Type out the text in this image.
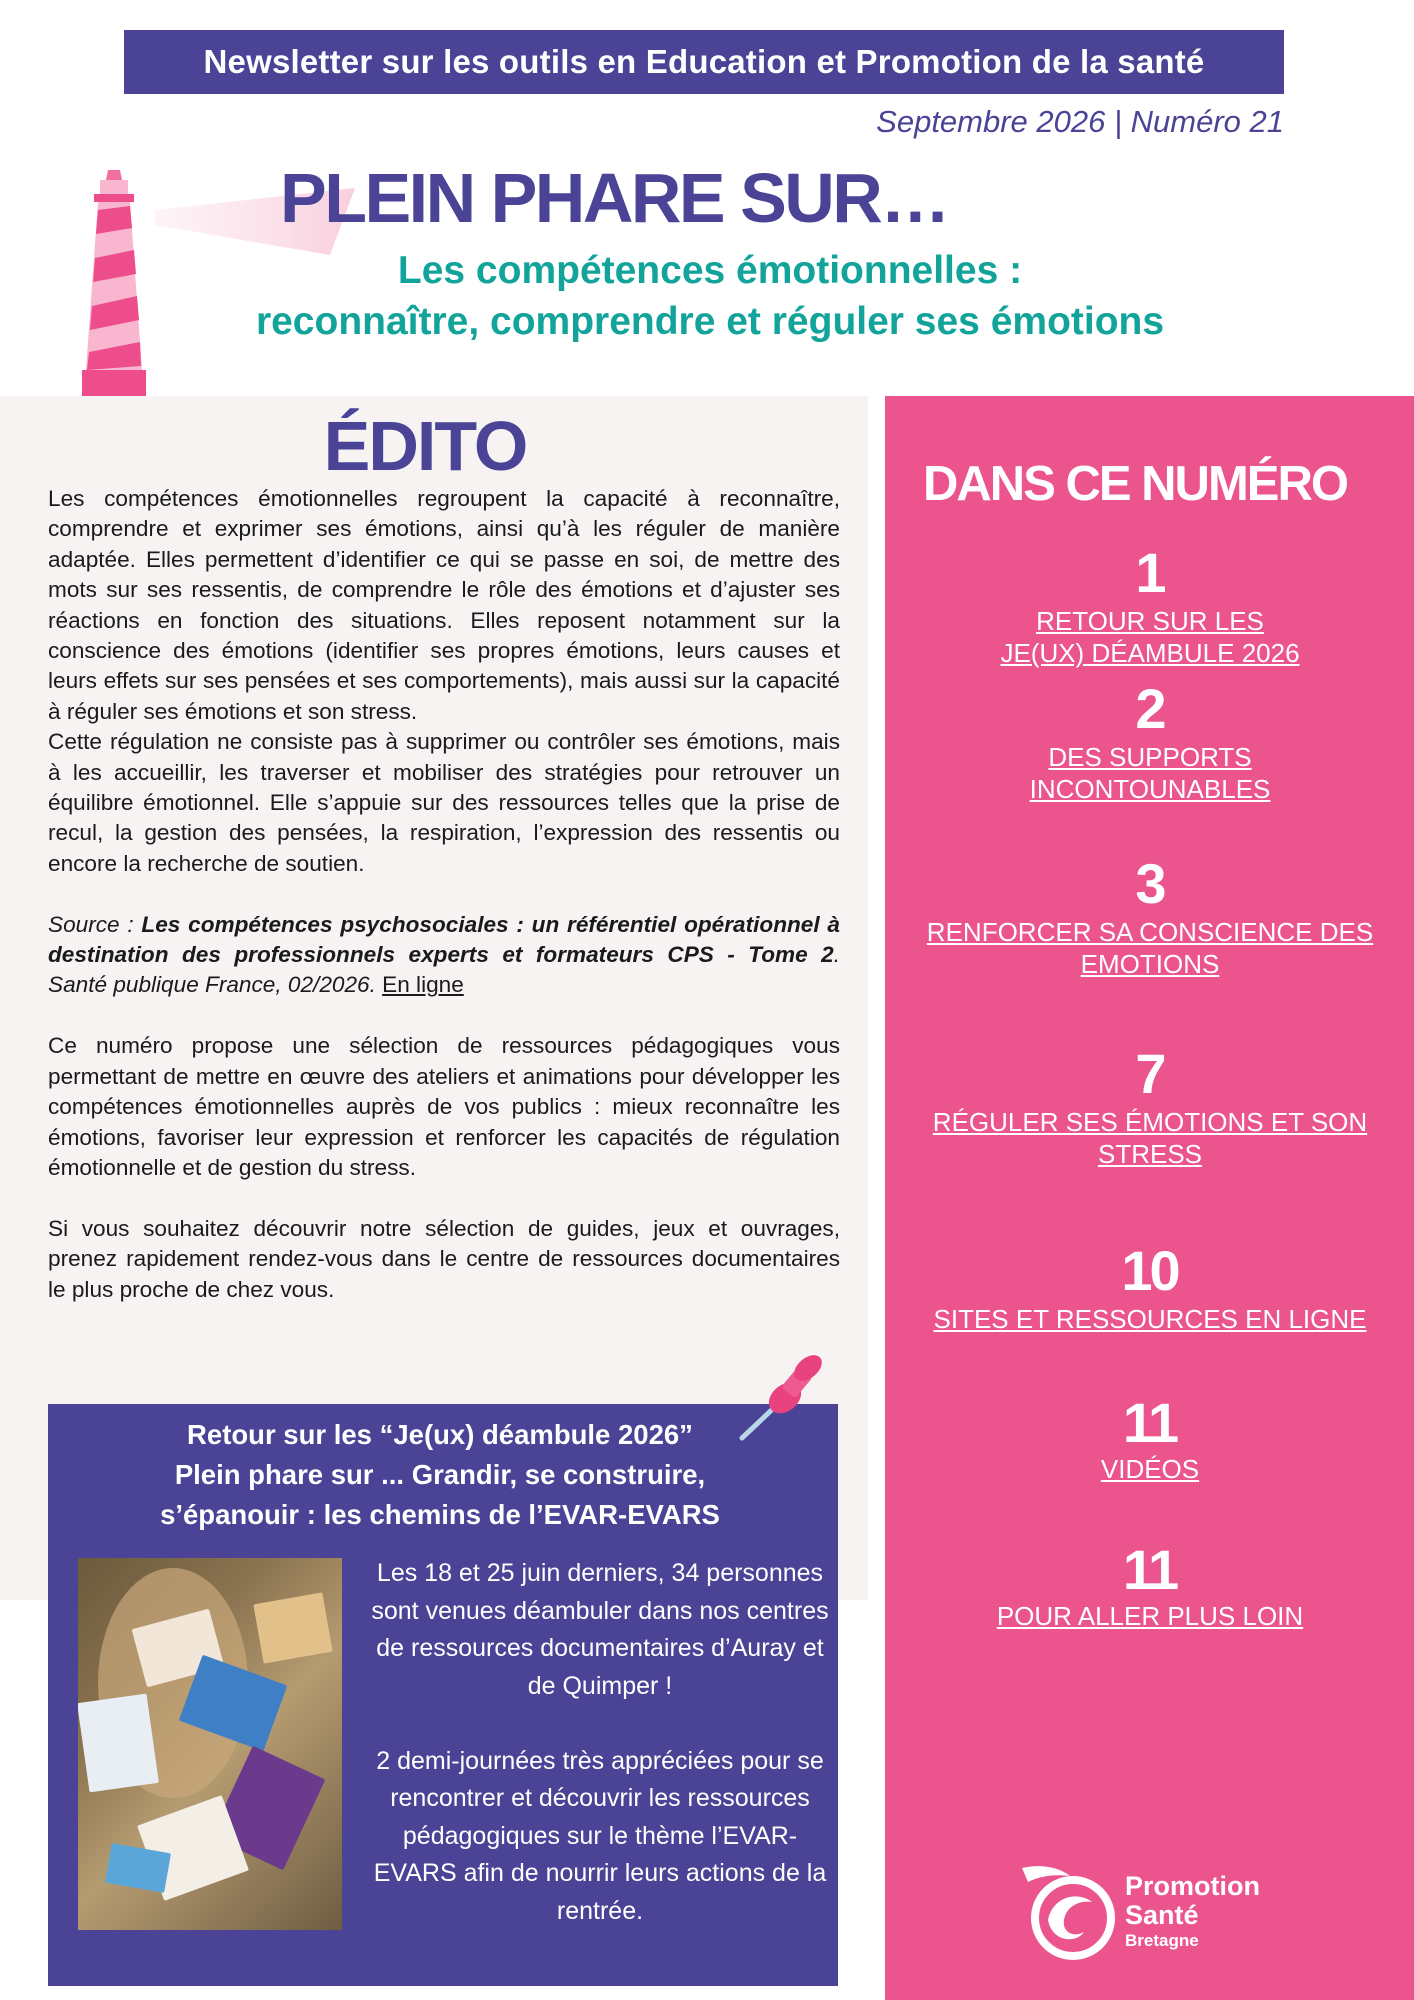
Newsletter sur les outils en Education et Promotion de la santé
Septembre 2026 | Numéro 21
PLEIN PHARE SUR…
Les compétences émotionnelles :
reconnaître, comprendre et réguler ses émotions
ÉDITO

Les compétences émotionnelles regroupent la capacité à reconnaître, comprendre et exprimer ses émotions, ainsi qu’à les réguler de manière adaptée. Elles permettent d’identifier ce qui se passe en soi, de mettre des mots sur ses ressentis, de comprendre le rôle des émotions et d’ajuster ses réactions en fonction des situations. Elles reposent notamment sur la conscience des émotions (identifier ses propres émotions, leurs causes et leurs effets sur ses pensées et ses comportements), mais aussi sur la capacité à réguler ses émotions et son stress.

Cette régulation ne consiste pas à supprimer ou contrôler ses émotions, mais à les accueillir, les traverser et mobiliser des stratégies pour retrouver un équilibre émotionnel. Elle s’appuie sur des ressources telles que la prise de recul, la gestion des pensées, la respiration, l’expression des ressentis ou encore la recherche de soutien.

Source : Les compétences psychosociales : un référentiel opérationnel à destination des professionnels experts et formateurs CPS - Tome 2. Santé publique France, 02/2026. En ligne

Ce numéro propose une sélection de ressources pédagogiques vous permettant de mettre en œuvre des ateliers et animations pour développer les compétences émotionnelles auprès de vos publics : mieux reconnaître les émotions, favoriser leur expression et renforcer les capacités de régulation émotionnelle et de gestion du stress.

Si vous souhaitez découvrir notre sélection de guides, jeux et ouvrages, prenez rapidement rendez-vous dans le centre de ressources documentaires le plus proche de chez vous.

Retour sur les “Je(ux) déambule 2026”
Plein phare sur ... Grandir, se construire,
s’épanouir : les chemins de l’EVAR-EVARS

Les 18 et 25 juin derniers, 34 personnes sont venues déambuler dans nos centres de ressources documentaires d’Auray et de Quimper !

2 demi-journées très appréciées pour se rencontrer et découvrir les ressources pédagogiques sur le thème l’EVAR-EVARS afin de nourrir leurs actions de la rentrée.

DANS CE NUMÉRO
1
RETOUR SUR LES
JE(UX) DÉAMBULE 2026
2
DES SUPPORTS
INCONTOUNABLES
3
RENFORCER SA CONSCIENCE DES
EMOTIONS
7
RÉGULER SES ÉMOTIONS ET SON
STRESS
10
SITES ET RESSOURCES EN LIGNE
11
VIDÉOS
11
POUR ALLER PLUS LOIN
Promotion
Santé
Bretagne
